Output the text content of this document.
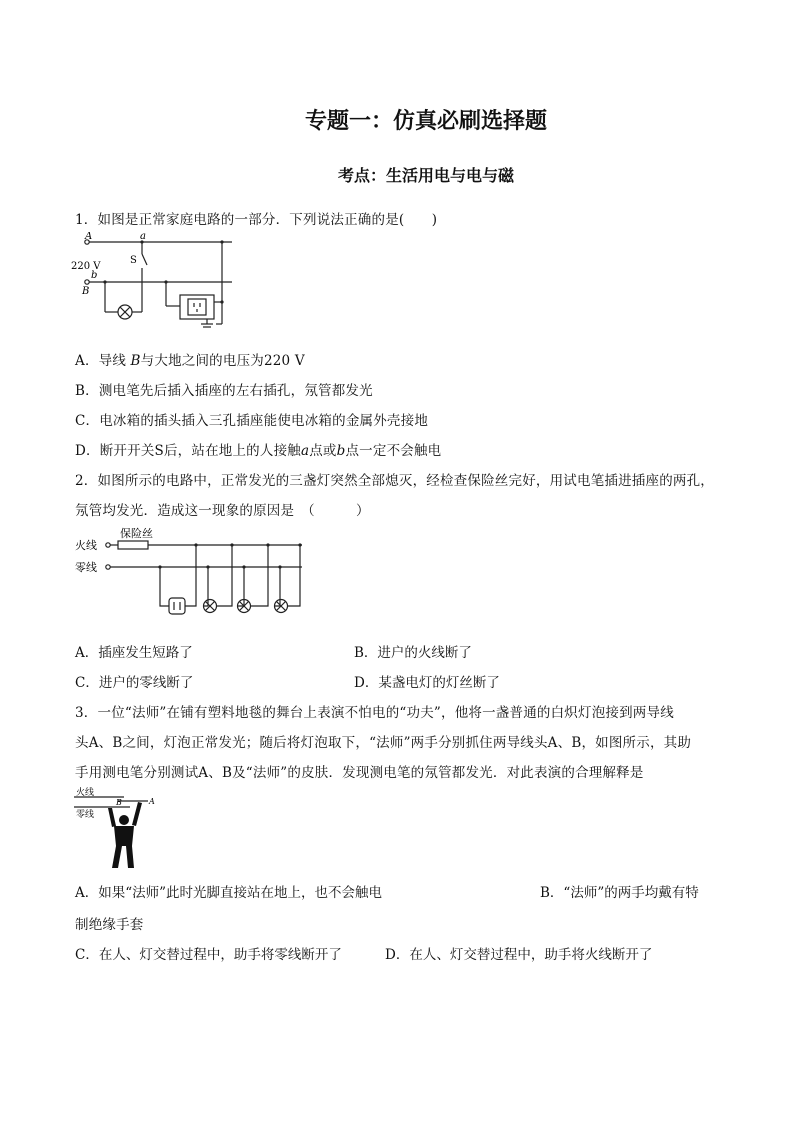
专题一：仿真必刷选择题
考点：生活用电与电与磁
1．如图是正常家庭电路的一部分．下列说法正确的是(　　)
A	a
S
220 V
b
B
A．导线 B与大地之间的电压为220 V
B．测电笔先后插入插座的左右插孔，氖管都发光
C．电冰箱的插头插入三孔插座能使电冰箱的金属外壳接地
D．断开开关S后，站在地上的人接触a点或b点一定不会触电
2．如图所示的电路中，正常发光的三盏灯突然全部熄灭，经检查保险丝完好，用试电笔插进插座的两孔，
氖管均发光．造成这一现象的原因是　（　　　）
火线
保险丝
零线
A．插座发生短路了	B．进户的火线断了
C．进户的零线断了	D．某盏电灯的灯丝断了
3．一位“法师”在铺有塑料地毯的舞台上表演不怕电的“功夫”，他将一盏普通的白炽灯泡接到两导线
头A、B之间，灯泡正常发光；随后将灯泡取下，“法师”两手分别抓住两导线头A、B，如图所示，其助
手用测电笔分别测试A、B及“法师”的皮肤．发现测电笔的氖管都发光．对此表演的合理解释是
火线
零线
B	A
A．如果“法师”此时光脚直接站在地上，也不会触电	B．“法师”的两手均戴有特
制绝缘手套
C．在人、灯交替过程中，助手将零线断开了	D．在人、灯交替过程中，助手将火线断开了
